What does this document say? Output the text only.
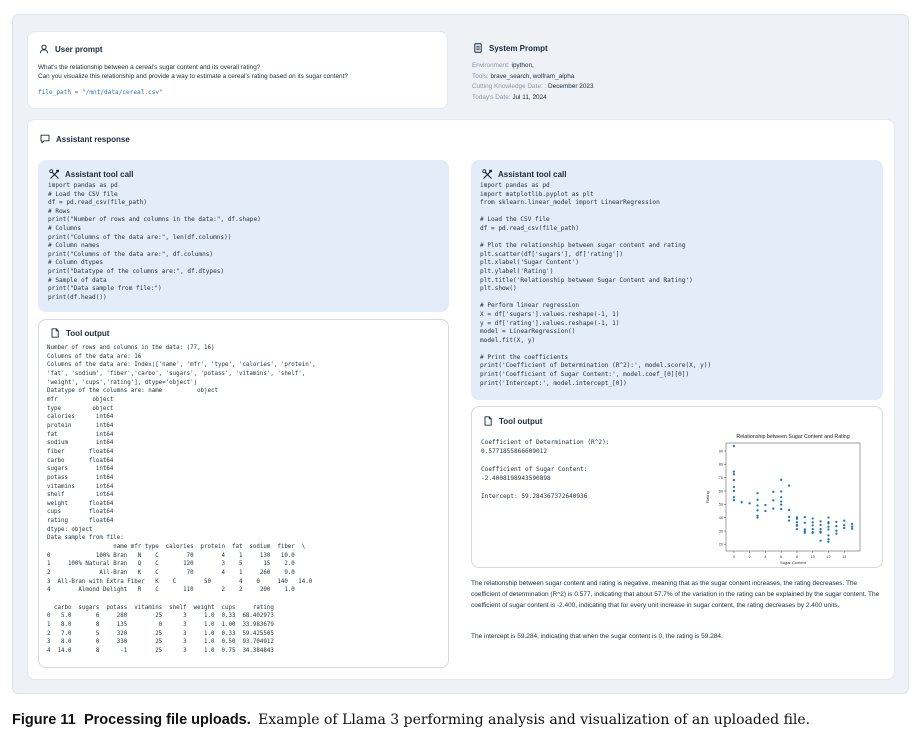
User prompt
What's the relationship between a cereal's sugar content and its overall rating?
Can you visualize this relationship and provide a way to estimate a cereal's rating based on its sugar content?
file_path = "/mnt/data/cereal.csv"
System Prompt
Environment: ipython,
Tools: brave_search, wolfram_alpha
Cutting Knowledge Date: : December 2023
Today's Date: Jul 11, 2024
Assistant response
Assistant tool call
import pandas as pd
# Load the CSV file
df = pd.read_csv(file_path)
# Rows
print("Number of rows and columns in the data:", df.shape)
# Columns
print("Columns of the data are:", len(df.columns))
# Column names
print("Columns of the data are:", df.columns)
# Column dtypes
print("Datatype of the columns are:", df.dtypes)
# Sample of data
print("Data sample from file:")
print(df.head())
Tool output
Number of rows and columns in the data: (77, 16)
Columns of the data are: 16
Columns of the data are: Index(['name', 'mfr', 'type', 'calories', 'protein',
'fat', 'sodium', 'fiber','carbo', 'sugars', 'potass', 'vitamins', 'shelf',
'weight', 'cups','rating'], dtype='object')
Datatype of the columns are: name          object
mfr          object
type         object
calories      int64
protein       int64
fat           int64
sodium        int64
fiber       float64
carbo       float64
sugars        int64
potass        int64
vitamins      int64
shelf         int64
weight      float64
cups        float64
rating      float64
dtype: object
Data sample from file:
name mfr type  calories  protein  fat  sodium  fiber  \
0             100% Bran   N    C        70        4    1     130   10.0
1     100% Natural Bran   Q    C       120        3    5      15    2.0
2              All-Bran   K    C        70        4    1     260    9.0
3  All-Bran with Extra Fiber   K    C        50        4    0     140   14.0
4        Almond Delight   R    C       110        2    2     200    1.0

carbo  sugars  potass  vitamins  shelf  weight  cups     rating
0   5.0       6     280        25      3     1.0  0.33  68.402973
1   8.0       8     135         0      3     1.0  1.00  33.983679
2   7.0       5     320        25      3     1.0  0.33  59.425505
3   8.0       0     330        25      3     1.0  0.50  93.704912
4  14.0       8      -1        25      3     1.0  0.75  34.384843
Assistant tool call
import pandas as pd
import matplotlib.pyplot as plt
from sklearn.linear_model import LinearRegression

# Load the CSV file
df = pd.read_csv(file_path)

# Plot the relationship between sugar content and rating
plt.scatter(df['sugars'], df['rating'])
plt.xlabel('Sugar Content')
plt.ylabel('Rating')
plt.title('Relationship between Sugar Content and Rating')
plt.show()

# Perform linear regression
X = df['sugars'].values.reshape(-1, 1)
y = df['rating'].values.reshape(-1, 1)
model = LinearRegression()
model.fit(X, y)

# Print the coefficients
print('Coefficient of Determination (R^2):', model.score(X, y))
print('Coefficient of Sugar Content:', model.coef_[0][0])
print('Intercept:', model.intercept_[0])
Tool output
Coefficient of Determination (R^2):
0.5771855866609012

Coefficient of Sugar Content:
-2.4008198943590898

Intercept: 59.284367372640936
Relationship between Sugar Content and Rating
0	2	4	6	8	10	12	14
20
30
40
50
60
70
80
90
Sugar Content
Rating
The relationship between sugar content and rating is negative, meaning that as the sugar content increases, the rating decreases. The coefficient of determination (R^2) is 0.577, indicating that about 57.7% of the variation in the rating can be explained by the sugar content. The coefficient of sugar content is -2.400, indicating that for every unit increase in sugar content, the rating decreases by 2.400 units.
The intercept is 59.284, indicating that when the sugar content is 0, the rating is 59.284.
Figure 11 Processing file uploads. Example of Llama 3 performing analysis and visualization of an uploaded file.
